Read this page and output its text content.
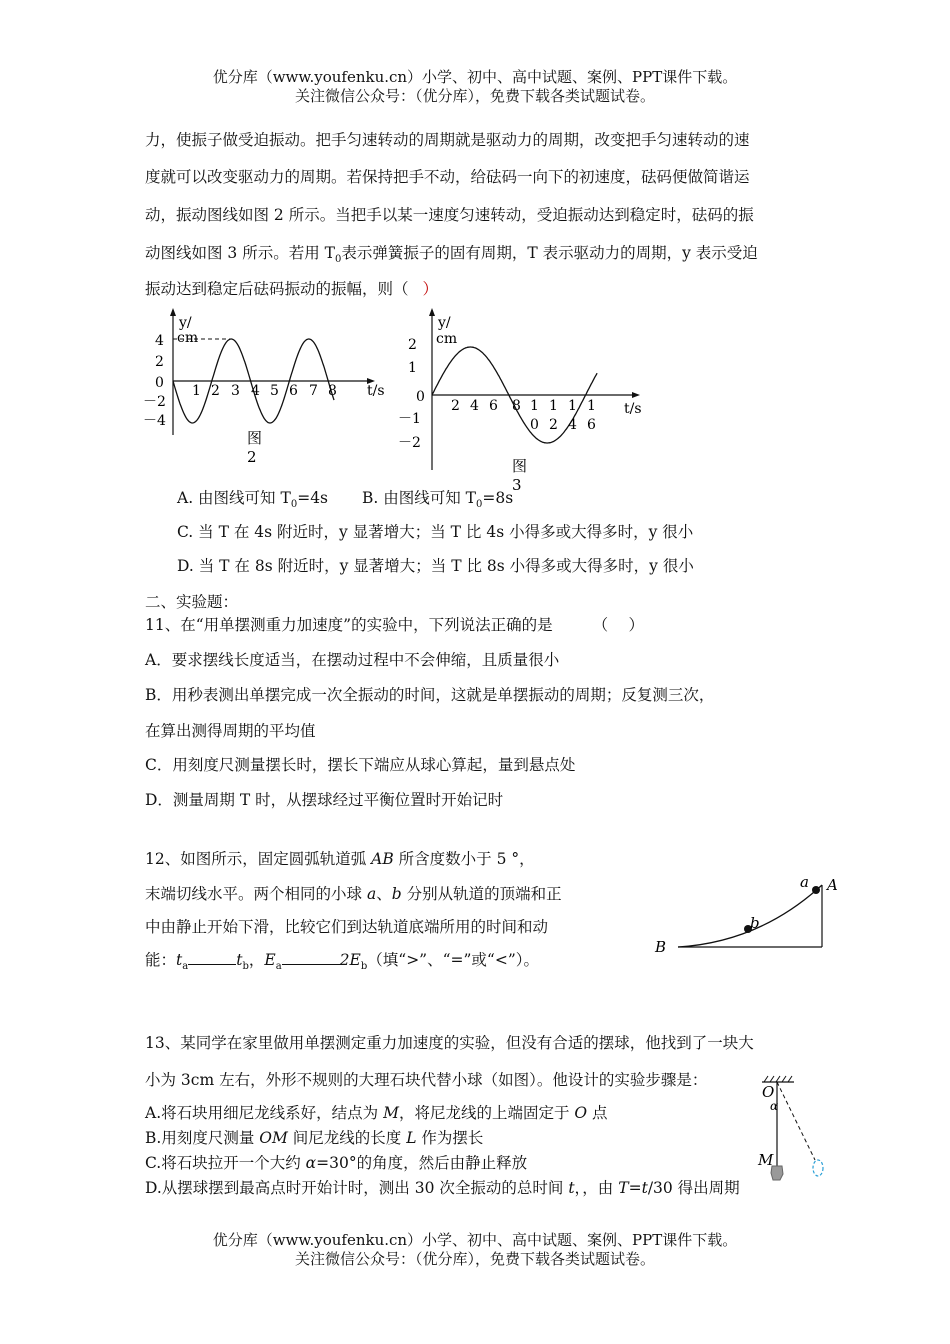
优分库（www.youfenku.cn）小学、初中、高中试题、案例、PPT课件下载。
关注微信公众号：（优分库），免费下载各类试题试卷。
力，使振子做受迫振动。把手匀速转动的周期就是驱动力的周期，改变把手匀速转动的速
度就可以改变驱动力的周期。若保持把手不动，给砝码一向下的初速度，砝码便做简谐运
动，振动图线如图 2 所示。当把手以某一速度匀速转动，受迫振动达到稳定时，砝码的振
动图线如图 3 所示。若用 $T_0$表示弹簧振子的固有周期，T 表示驱动力的周期，y 表示受迫
振动达到稳定后砝码振动的振幅，则（ ）
y/
cm
t/s
4
2
0
－2
－4
1 2 3 4 5 6 7 8
图
2
y/
cm
t/s
2
1
0
－1
－2
2 4 6 8 1 1 1 1
0 2 4 6
图
3
A. 由图线可知 $T_0=4s$ B. 由图线可知 $T_0=8s$
C. 当 T 在 4s 附近时，y 显著增大；当 T 比 4s 小得多或大得多时，y 很小
D. 当 T 在 8s 附近时，y 显著增大；当 T 比 8s 小得多或大得多时，y 很小
二、实验题：
11、在“用单摆测重力加速度”的实验中，下列说法正确的是	（　 ）
A．要求摆线长度适当，在摆动过程中不会伸缩，且质量很小
B．用秒表测出单摆完成一次全振动的时间，这就是单摆振动的周期；反复测三次，
在算出测得周期的平均值
C．用刻度尺测量摆长时，摆长下端应从球心算起，量到悬点处
D．测量周期 T 时，从摆球经过平衡位置时开始记时
12、如图所示，固定圆弧轨道弧 AB 所含度数小于 5 °，
末端切线水平。两个相同的小球 a、b 分别从轨道的顶端和正
中由静止开始下滑，比较它们到达轨道底端所用的时间和动
能：$t_a$	$t_b$，$E_a$	$2E_b$（填“>”、“=”或“<”）。
a A
b
B
13、某同学在家里做用单摆测定重力加速度的实验，但没有合适的摆球，他找到了一块大
小为 3cm 左右，外形不规则的大理石块代替小球（如图）。他设计的实验步骤是：
A.将石块用细尼龙线系好，结点为 M，将尼龙线的上端固定于 O 点
B.用刻度尺测量 OM 间尼龙线的长度 L 作为摆长
C.将石块拉开一个大约 α=30°的角度，然后由静止释放
D.从摆球摆到最高点时开始计时，测出 30 次全振动的总时间 t，，由 T=t/30 得出周期
O
α
M
优分库（www.youfenku.cn）小学、初中、高中试题、案例、PPT课件下载。
关注微信公众号：（优分库），免费下载各类试题试卷。
